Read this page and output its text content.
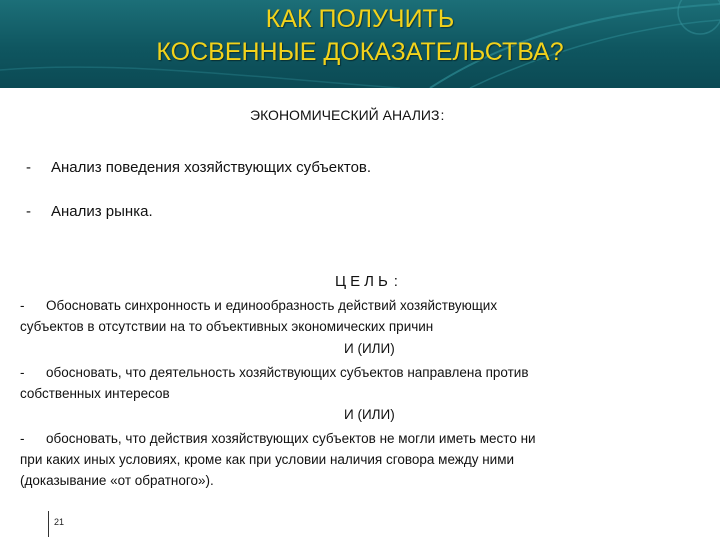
КАК ПОЛУЧИТЬ
КОСВЕННЫЕ ДОКАЗАТЕЛЬСТВА?
ЭКОНОМИЧЕСКИЙ АНАЛИЗ:
- Анализ поведения хозяйствующих субъектов.
- Анализ рынка.
ЦЕЛЬ :
- Обосновать синхронность и единообразность действий хозяйствующих
субъектов в отсутствии на то объективных экономических причин
И (ИЛИ)
- обосновать, что деятельность хозяйствующих субъектов направлена против
собственных интересов
И (ИЛИ)
- обосновать, что действия хозяйствующих субъектов не могли иметь место ни
при каких иных условиях, кроме как при условии наличия сговора между ними
(доказывание «от обратного»).
21
